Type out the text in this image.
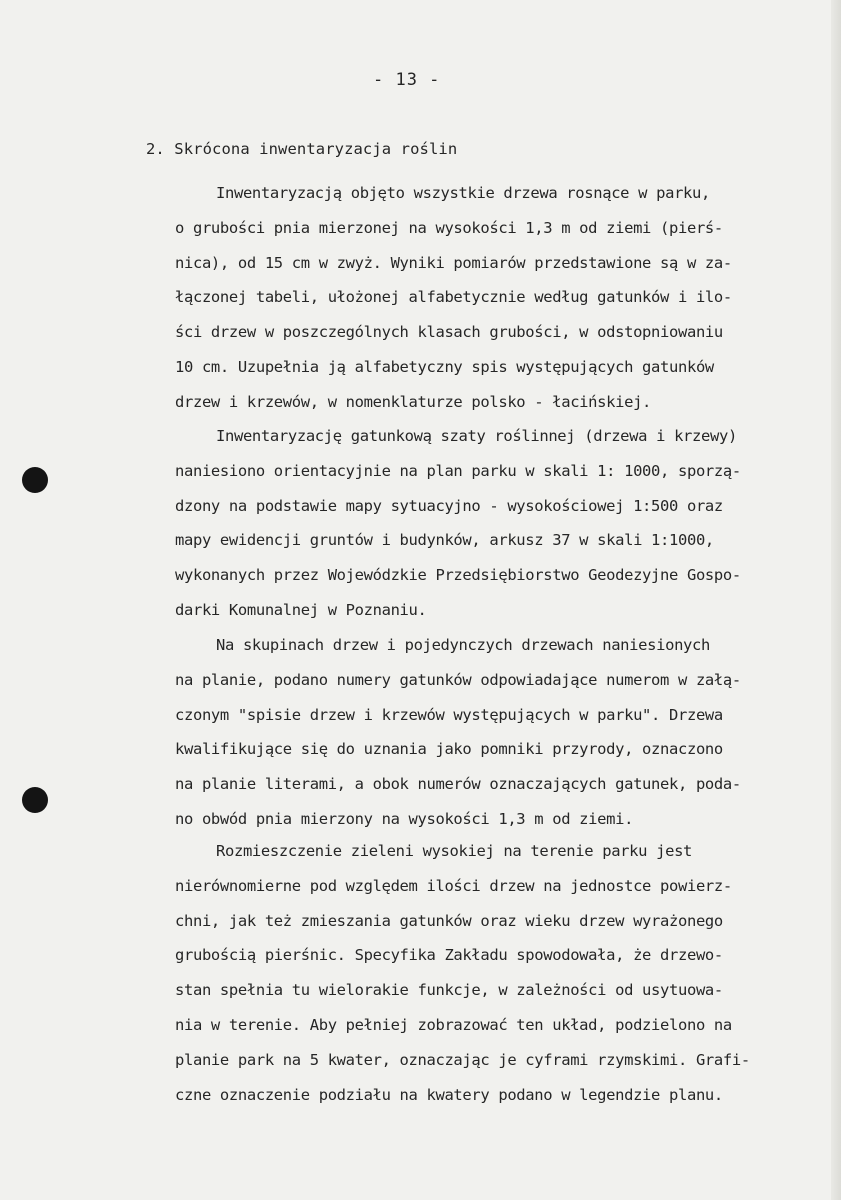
- 13 -
2. Skrócona inwentaryzacja roślin
Inwentaryzacją objęto wszystkie drzewa rosnące w parku,
o grubości pnia mierzonej na wysokości 1,3 m od ziemi (pierś-
nica), od 15 cm w zwyż. Wyniki pomiarów przedstawione są w za-
łączonej tabeli, ułożonej alfabetycznie według gatunków i ilo-
ści drzew w poszczególnych klasach grubości, w odstopniowaniu
10 cm. Uzupełnia ją alfabetyczny spis występujących gatunków
drzew i krzewów, w nomenklaturze polsko - łacińskiej.
Inwentaryzację gatunkową szaty roślinnej (drzewa i krzewy)
naniesiono orientacyjnie na plan parku w skali 1: 1000, sporzą-
dzony na podstawie mapy sytuacyjno - wysokościowej 1:500 oraz
mapy ewidencji gruntów i budynków, arkusz 37 w skali 1:1000,
wykonanych przez Wojewódzkie Przedsiębiorstwo Geodezyjne Gospo-
darki Komunalnej w Poznaniu.
Na skupinach drzew i pojedynczych drzewach naniesionych
na planie, podano numery gatunków odpowiadające numerom w załą-
czonym "spisie drzew i krzewów występujących w parku". Drzewa
kwalifikujące się do uznania jako pomniki przyrody, oznaczono
na planie literami, a obok numerów oznaczających gatunek, poda-
no obwód pnia mierzony na wysokości 1,3 m od ziemi.
Rozmieszczenie zieleni wysokiej na terenie parku jest
nierównomierne pod względem ilości drzew na jednostce powierz-
chni, jak też zmieszania gatunków oraz wieku drzew wyrażonego
grubością pierśnic. Specyfika Zakładu spowodowała, że drzewo-
stan spełnia tu wielorakie funkcje, w zależności od usytuowa-
nia w terenie. Aby pełniej zobrazować ten układ, podzielono na
planie park na 5 kwater, oznaczając je cyframi rzymskimi. Grafi-
czne oznaczenie podziału na kwatery podano w legendzie planu.
